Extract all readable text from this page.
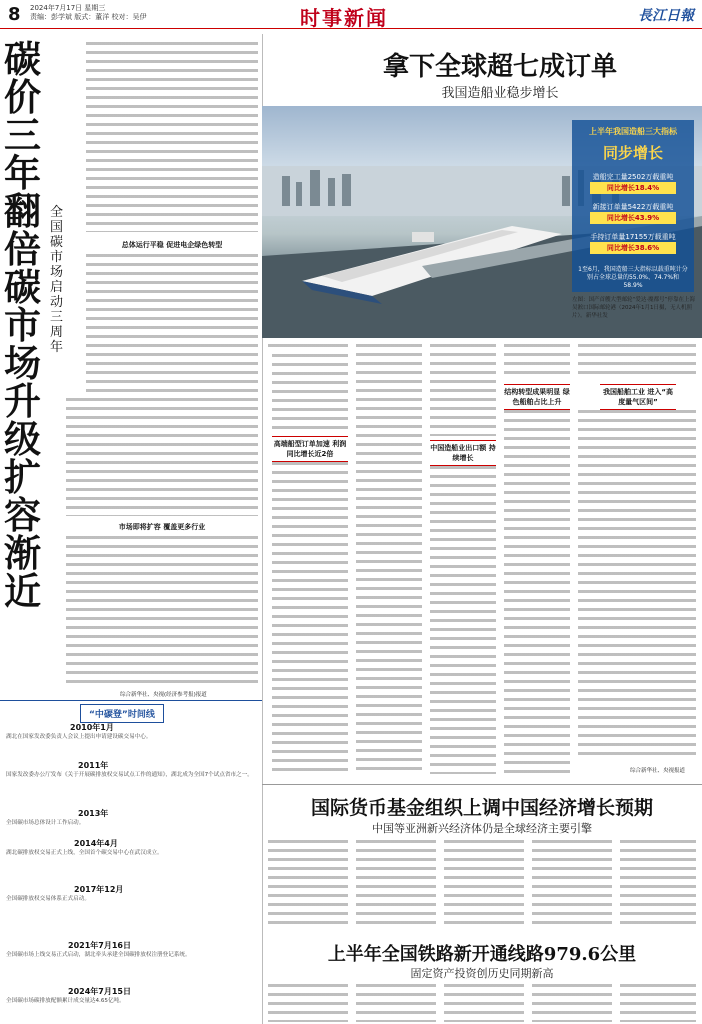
8 2024年7月17日 星期三
责编：彭学斌 版式：董洋 校对：吴伊	时事新闻	長江日報
碳价三年翻倍 碳市场升级扩容渐近
全国碳市场启动三周年
总体运行平稳 促进电企绿色转型
市场即将扩容 覆盖更多行业
综合新华社、央视(经济参考报)报道
“中碳登”时间线
2010年1月
湖北在国家发改委负责人会议上提出申请建设碳交易中心。
2011年
国家发改委办公厅发布《关于开展碳排放权交易试点工作的通知》，湖北成为全国7个试点省市之一。
2013年
全国碳市场总体设计工作启动。
2014年4月
湖北碳排放权交易正式上线，全国首个碳交易中心在武汉成立。
2017年12月
全国碳排放权交易体系正式启动。
2021年7月16日
全国碳市场上线交易正式启动，湖北牵头承建全国碳排放权注册登记系统。
2024年7月15日
全国碳市场碳排放配额累计成交量达4.65亿吨。
拿下全球超七成订单
我国造船业稳步增长
上半年我国造船三大指标
同步增长
造船完工量2502万载重吨
同比增长18.4%
新接订单量5422万载重吨
同比增长43.9%
手持订单量17155万载重吨
同比增长38.6%
1至6月，我国造船三大指标以载重吨计分别占全球总量的55.0%、74.7%和58.9%
左图：国产首艘大型邮轮“爱达·魔都号”停靠在上海吴淞口国际邮轮港（2024年1月1日摄，无人机照片）。新华社发
高端船型订单加速 利润同比增长近2倍
中国造船业出口额 持续增长
结构转型成果明显 绿色船舶占比上升
我国船舶工业 进入“高度量气区间”
综合新华社、央视报道
国际货币基金组织上调中国经济增长预期
中国等亚洲新兴经济体仍是全球经济主要引擎
上半年全国铁路新开通线路979.6公里
固定资产投资创历史同期新高
